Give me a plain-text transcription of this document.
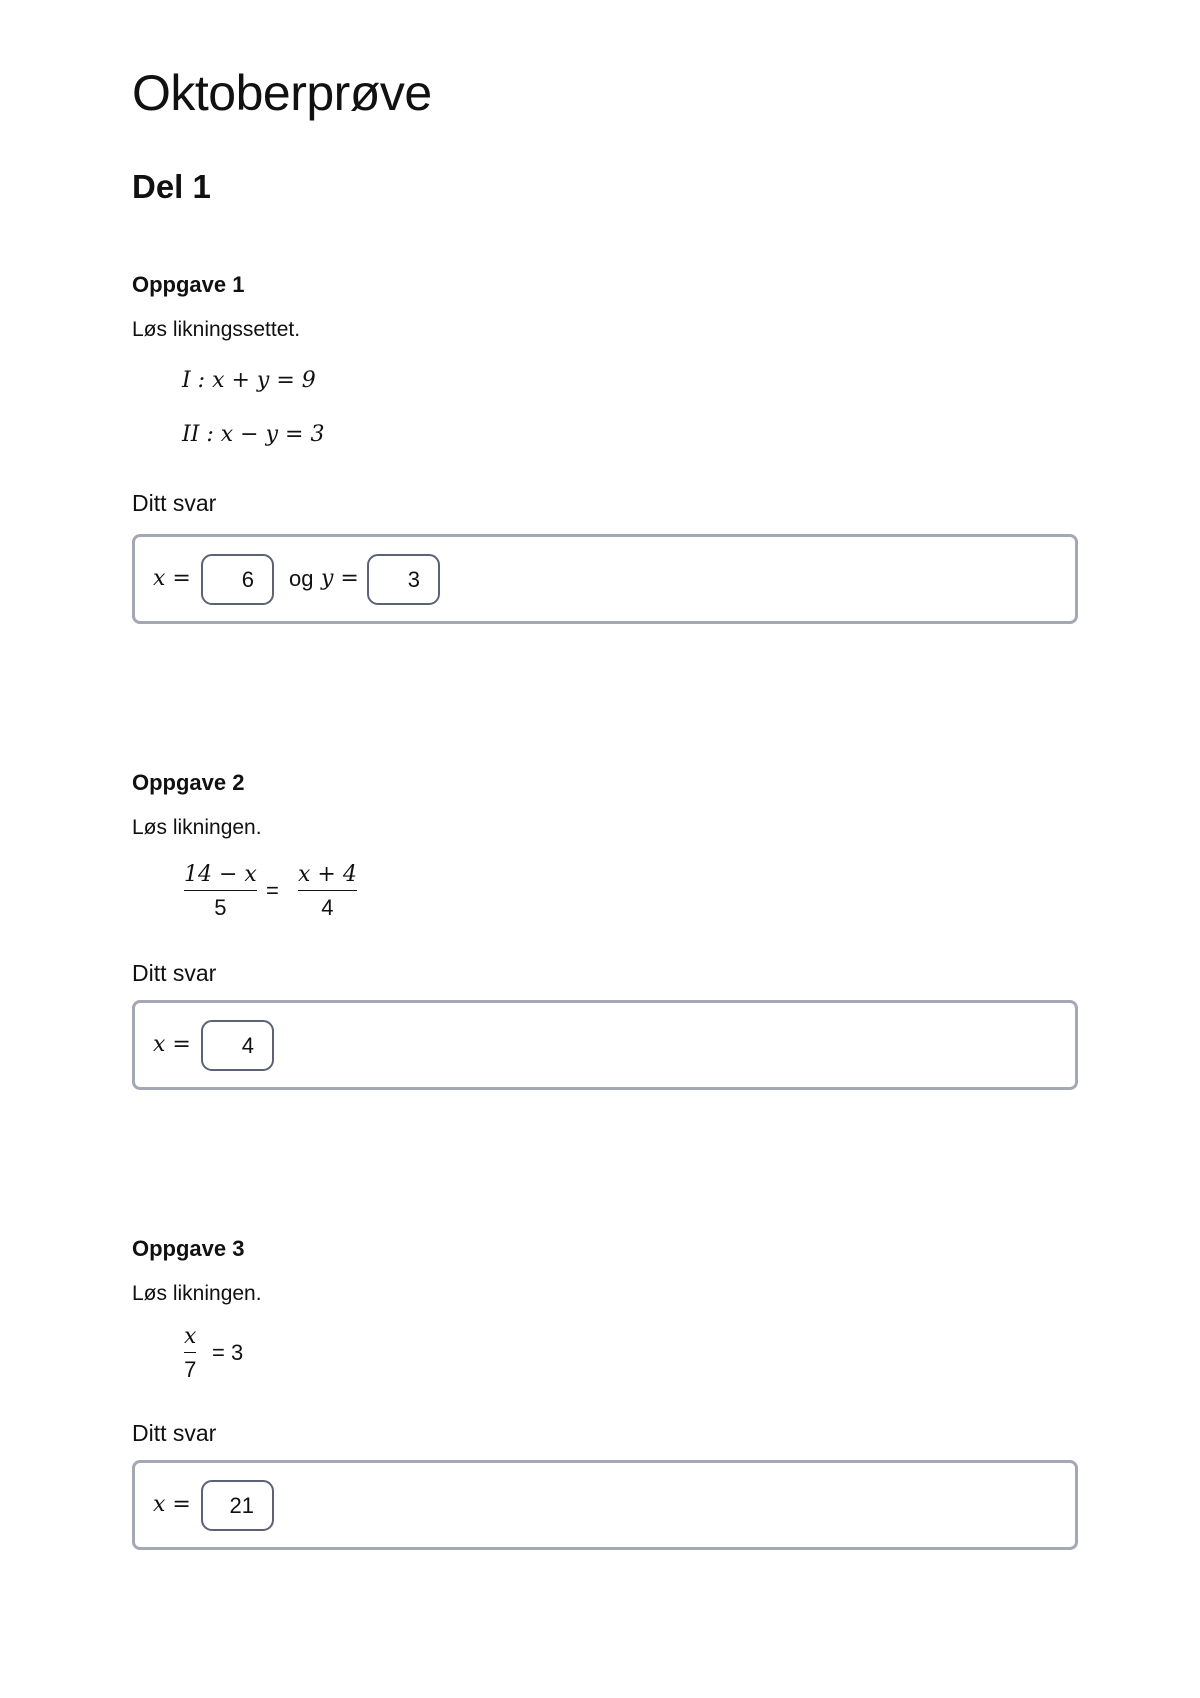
Oktoberprøve
Del 1
Oppgave 1
Løs likningssettet.
I : x + y = 9
II : x − y = 3
Ditt svar
x =	6	og y =	3
Oppgave 2
Løs likningen.
14 − x
5
=
x + 4
4
Ditt svar
x =	4
Oppgave 3
Løs likningen.
x
7
= 3
Ditt svar
x =	21
